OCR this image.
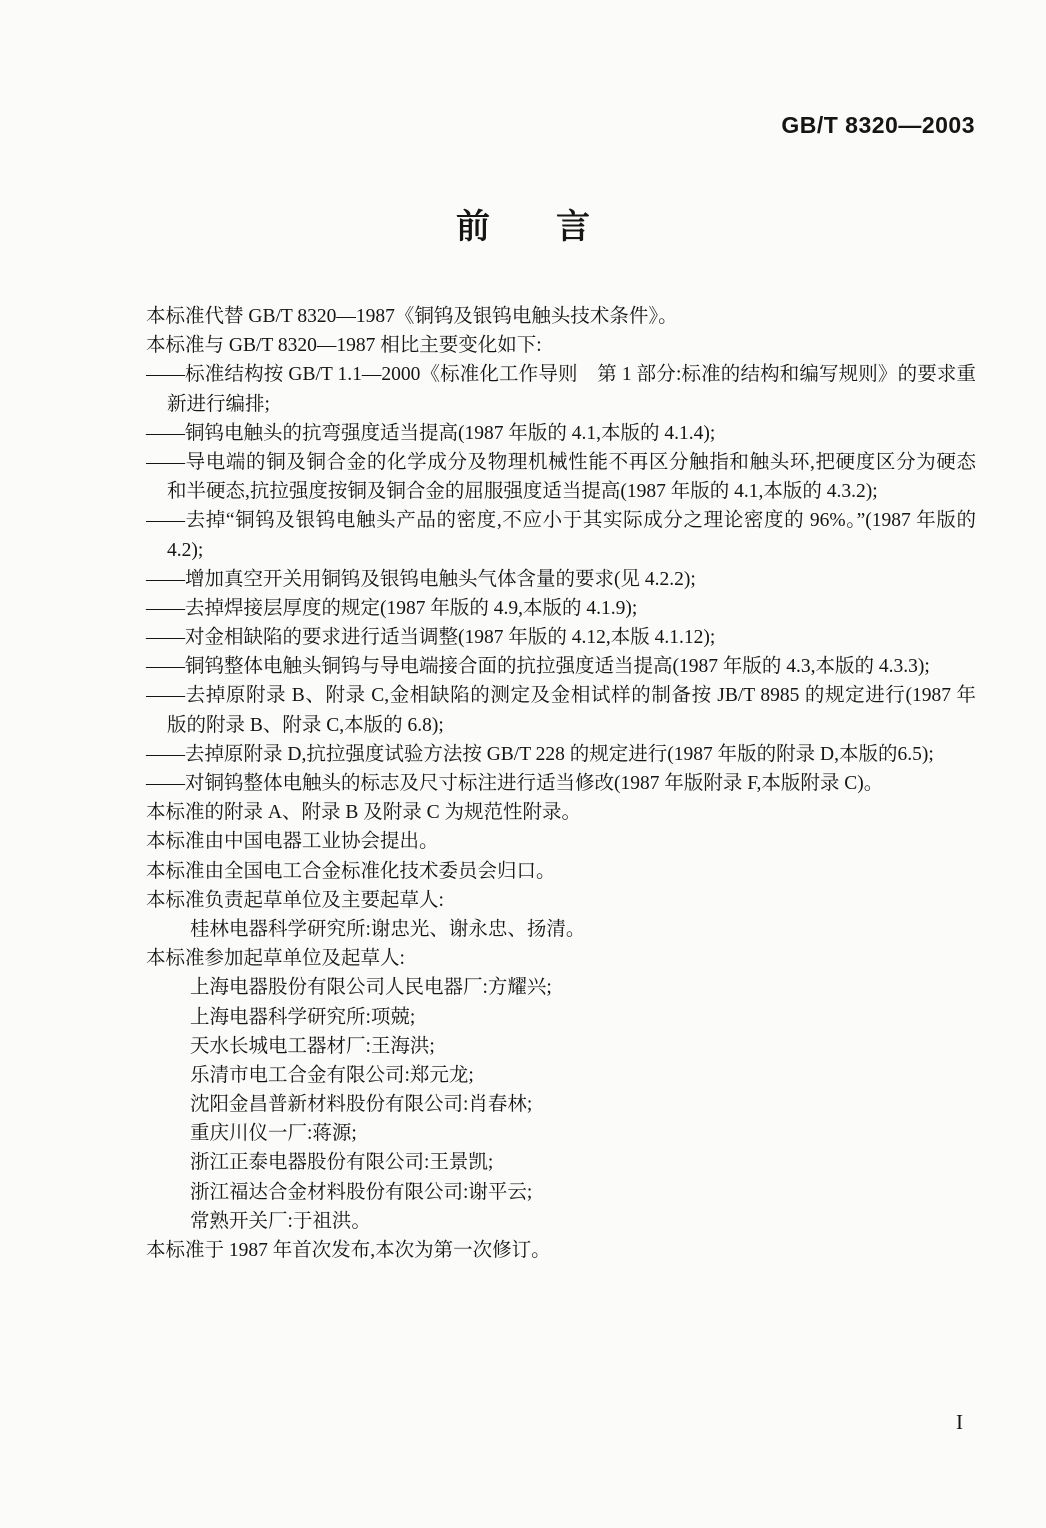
GB/T 8320—2003
前 言
本标准代替 GB/T 8320—1987《铜钨及银钨电触头技术条件》。
本标准与 GB/T 8320—1987 相比主要变化如下:
——标准结构按 GB/T 1.1—2000《标准化工作导则　第 1 部分:标准的结构和编写规则》的要求重
新进行编排;
——铜钨电触头的抗弯强度适当提高(1987 年版的 4.1,本版的 4.1.4);
——导电端的铜及铜合金的化学成分及物理机械性能不再区分触指和触头环,把硬度区分为硬态
和半硬态,抗拉强度按铜及铜合金的屈服强度适当提高(1987 年版的 4.1,本版的 4.3.2);
——去掉“铜钨及银钨电触头产品的密度,不应小于其实际成分之理论密度的 96%。”(1987 年版的
4.2);
——增加真空开关用铜钨及银钨电触头气体含量的要求(见 4.2.2);
——去掉焊接层厚度的规定(1987 年版的 4.9,本版的 4.1.9);
——对金相缺陷的要求进行适当调整(1987 年版的 4.12,本版 4.1.12);
——铜钨整体电触头铜钨与导电端接合面的抗拉强度适当提高(1987 年版的 4.3,本版的 4.3.3);
——去掉原附录 B、附录 C,金相缺陷的测定及金相试样的制备按 JB/T 8985 的规定进行(1987 年
版的附录 B、附录 C,本版的 6.8);
——去掉原附录 D,抗拉强度试验方法按 GB/T 228 的规定进行(1987 年版的附录 D,本版的6.5);
——对铜钨整体电触头的标志及尺寸标注进行适当修改(1987 年版附录 F,本版附录 C)。
本标准的附录 A、附录 B 及附录 C 为规范性附录。
本标准由中国电器工业协会提出。
本标准由全国电工合金标准化技术委员会归口。
本标准负责起草单位及主要起草人:
桂林电器科学研究所:谢忠光、谢永忠、扬清。
本标准参加起草单位及起草人:
上海电器股份有限公司人民电器厂:方耀兴;
上海电器科学研究所:项兢;
天水长城电工器材厂:王海洪;
乐清市电工合金有限公司:郑元龙;
沈阳金昌普新材料股份有限公司:肖春林;
重庆川仪一厂:蒋源;
浙江正泰电器股份有限公司:王景凯;
浙江福达合金材料股份有限公司:谢平云;
常熟开关厂:于祖洪。
本标准于 1987 年首次发布,本次为第一次修订。
I
